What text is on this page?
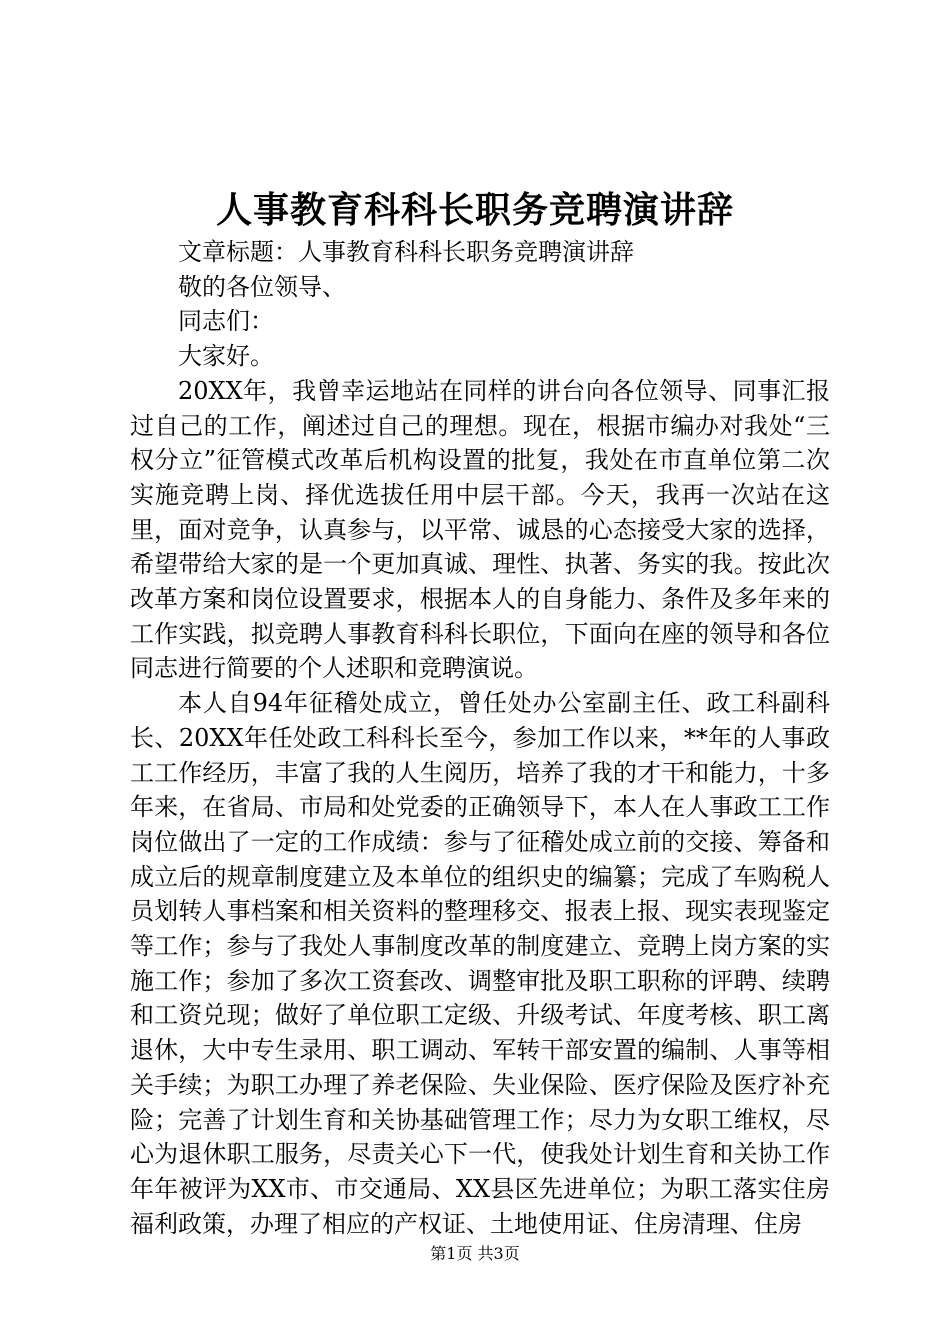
人事教育科科长职务竞聘演讲辞

文章标题：人事教育科科长职务竞聘演讲辞

敬的各位领导、

同志们：

大家好。

20XX年，我曾幸运地站在同样的讲台向各位领导、同事汇报过自己的工作，阐述过自己的理想。现在，根据市编办对我处“三权分立”征管模式改革后机构设置的批复，我处在市直单位第二次实施竞聘上岗、择优选拔任用中层干部。今天，我再一次站在这里，面对竞争，认真参与，以平常、诚恳的心态接受大家的选择，希望带给大家的是一个更加真诚、理性、执著、务实的我。按此次改革方案和岗位设置要求，根据本人的自身能力、条件及多年来的工作实践，拟竞聘人事教育科科长职位，下面向在座的领导和各位同志进行简要的个人述职和竞聘演说。

本人自94年征稽处成立，曾任处办公室副主任、政工科副科长、20XX年任处政工科科长至今，参加工作以来，**年的人事政工工作经历，丰富了我的人生阅历，培养了我的才干和能力，十多年来，在省局、市局和处党委的正确领导下，本人在人事政工工作岗位做出了一定的工作成绩：参与了征稽处成立前的交接、筹备和成立后的规章制度建立及本单位的组织史的编纂；完成了车购税人员划转人事档案和相关资料的整理移交、报表上报、现实表现鉴定等工作；参与了我处人事制度改革的制度建立、竞聘上岗方案的实施工作；参加了多次工资套改、调整审批及职工职称的评聘、续聘和工资兑现；做好了单位职工定级、升级考试、年度考核、职工离退休，大中专生录用、职工调动、军转干部安置的编制、人事等相关手续；为职工办理了养老保险、失业保险、医疗保险及医疗补充险；完善了计划生育和关协基础管理工作；尽力为女职工维权，尽心为退休职工服务，尽责关心下一代，使我处计划生育和关协工作年年被评为XX市、市交通局、XX县区先进单位；为职工落实住房福利政策，办理了相应的产权证、土地使用证、住房清理、住房

第1页 共3页
